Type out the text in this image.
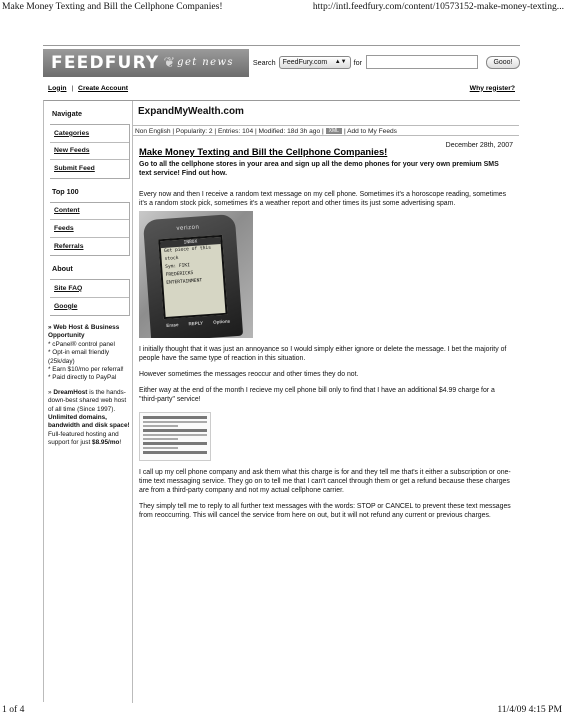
Make Money Texting and Bill the Cellphone Companies!	http://intl.feedfury.com/content/10573152-make-money-texting...
FEEDFURY ❦ get news	Search FeedFury.com ▲▼ for	Gooo!
Login | Create Account	Why register?
Navigate
Categories
New Feeds
Submit Feed
Top 100
Content
Feeds
Referrals
About
Site FAQ
Google
» Web Host & Business Opportunity
* cPanel® control panel
* Opt-in email friendly (25k/day)
* Earn $10/mo per referral!
* Paid directly to PayPal
» DreamHost is the hands-down-best shared web host of all time (Since 1997). Unlimited domains, bandwidth and disk space! Full-featured hosting and support for just $8.95/mo!
ExpandMyWealth.com
Non English | Popularity: 2 | Entries: 104 | Modified: 18d 3h ago |	XML | Add to My Feeds
Make Money Texting and Bill the Cellphone Companies!
December 28th, 2007
Go to all the cellphone stores in your area and sign up all the demo phones for your very own premium SMS text service! Find out how.
Every now and then I receive a random text message on my cell phone. Sometimes it's a horoscope reading, sometimes it's a random stock pick, sometimes it's a weather report and other times its just some advertising spam.
verizon
INBOX
Get piece of this
stock
Sym: FIKI
FREDERICKS
ENTERTAINMENT
Erase REPLY Options
I initially thought that it was just an annoyance so I would simply either ignore or delete the message. I bet the majority of people have the same type of reaction in this situation.
However sometimes the messages reoccur and other times they do not.
Either way at the end of the month I recieve my cell phone bill only to find that I have an additional $4.99 charge for a "third-party" service!
I call up my cell phone company and ask them what this charge is for and they tell me that's it either a subscription or one-time text messaging service. They go on to tell me that I can't cancel through them or get a refund because these charges are from a third-party company and not my actual cellphone carrier.
They simply tell me to reply to all further text messages with the words: STOP or CANCEL to prevent these text messages from reoccurring. This will cancel the service from here on out, but it will not refund any current or previous charges.
1 of 4	11/4/09 4:15 PM
